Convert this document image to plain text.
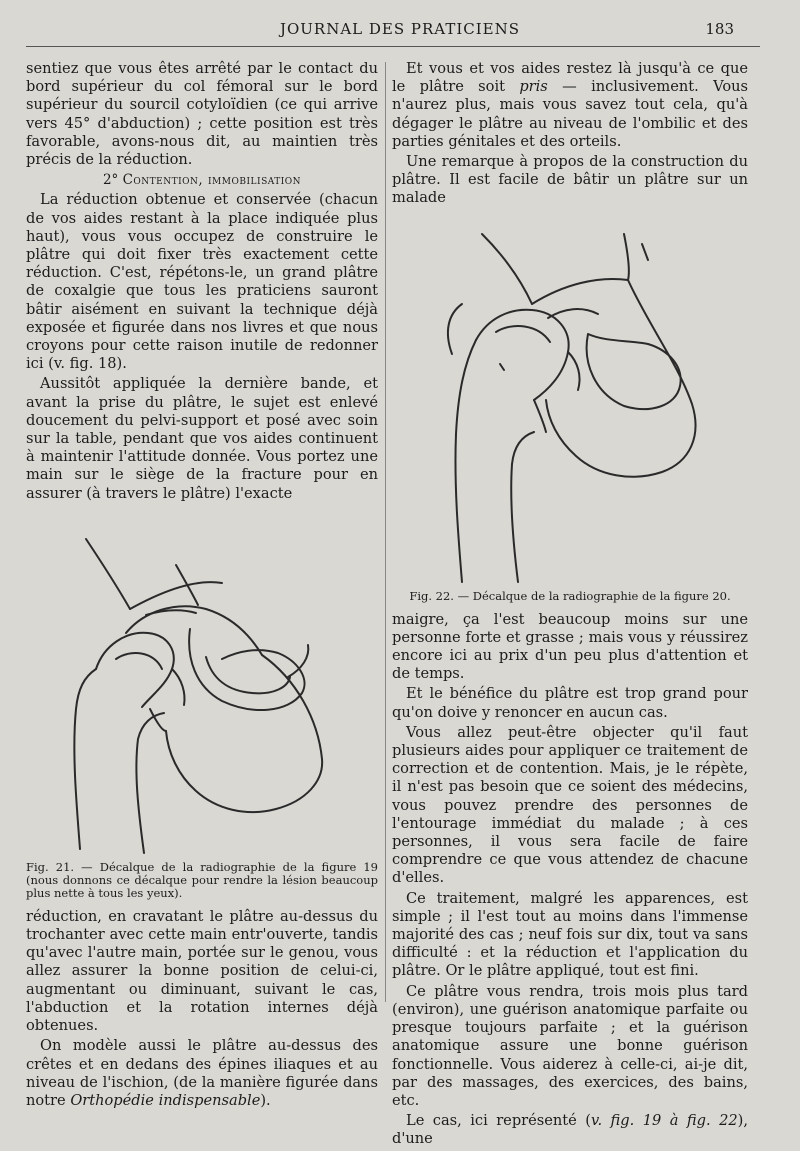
JOURNAL DES PRATICIENS	183

sentiez que vous êtes arrêté par le contact du bord supérieur du col fémoral sur le bord supérieur du sourcil cotyloïdien (ce qui arrive vers 45° d'abduction) ; cette position est très favorable, avons-nous dit, au maintien très précis de la réduction.

2° Contention, immobilisation

La réduction obtenue et conservée (chacun de vos aides restant à la place indiquée plus haut), vous vous occupez de construire le plâtre qui doit fixer très exactement cette réduction. C'est, répétons-le, un grand plâtre de coxalgie que tous les praticiens sauront bâtir aisément en suivant la technique déjà exposée et figurée dans nos livres et que nous croyons pour cette raison inutile de redonner ici (v. fig. 18).

Aussitôt appliquée la dernière bande, et avant la prise du plâtre, le sujet est enlevé doucement du pelvi-support et posé avec soin sur la table, pendant que vos aides continuent à maintenir l'attitude donnée. Vous portez une main sur le siège de la fracture pour en assurer (à travers le plâtre) l'exacte

Fig. 21. — Décalque de la radiographie de la figure 19 (nous donnons ce décalque pour rendre la lésion beaucoup plus nette à tous les yeux).

réduction, en cravatant le plâtre au-dessus du trochanter avec cette main entr'ouverte, tandis qu'avec l'autre main, portée sur le genou, vous allez assurer la bonne position de celui-ci, augmentant ou diminuant, suivant le cas, l'abduction et la rotation internes déjà obtenues.

On modèle aussi le plâtre au-dessus des crêtes et en dedans des épines iliaques et au niveau de l'ischion, (de la manière figurée dans notre Orthopédie indispensable).

Et vous et vos aides restez là jusqu'à ce que le plâtre soit pris — inclusivement. Vous n'aurez plus, mais vous savez tout cela, qu'à dégager le plâtre au niveau de l'ombilic et des parties génitales et des orteils.

Une remarque à propos de la construction du plâtre. Il est facile de bâtir un plâtre sur un malade

Fig. 22. — Décalque de la radiographie de la figure 20.

maigre, ça l'est beaucoup moins sur une personne forte et grasse ; mais vous y réussirez encore ici au prix d'un peu plus d'attention et de temps.

Et le bénéfice du plâtre est trop grand pour qu'on doive y renoncer en aucun cas.

Vous allez peut-être objecter qu'il faut plusieurs aides pour appliquer ce traitement de correction et de contention. Mais, je le répète, il n'est pas besoin que ce soient des médecins, vous pouvez prendre des personnes de l'entourage immédiat du malade ; à ces personnes, il vous sera facile de faire comprendre ce que vous attendez de chacune d'elles.

Ce traitement, malgré les apparences, est simple ; il l'est tout au moins dans l'immense majorité des cas ; neuf fois sur dix, tout va sans difficulté : et la réduction et l'application du plâtre. Or le plâtre appliqué, tout est fini.

Ce plâtre vous rendra, trois mois plus tard (environ), une guérison anatomique parfaite ou presque toujours parfaite ; et la guérison anatomique assure une bonne guérison fonctionnelle. Vous aiderez à celle-ci, ai-je dit, par des massages, des exercices, des bains, etc.

Le cas, ici représenté (v. fig. 19 à fig. 22), d'une
